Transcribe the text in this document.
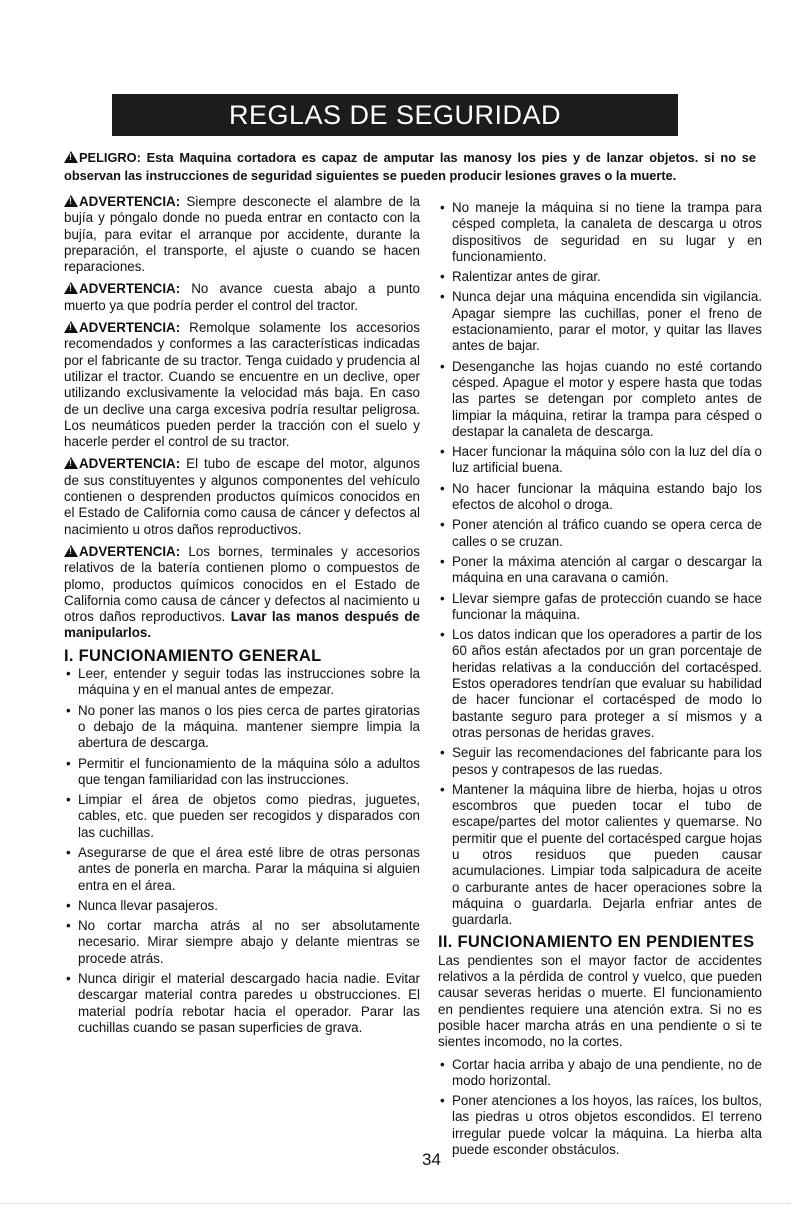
REGLAS DE SEGURIDAD
!PELIGRO: Esta Maquina cortadora es capaz de amputar las manosy los pies y de lanzar objetos. si no se observan las instrucciones de seguridad siguientes se pueden producir lesiones graves o la muerte.

!ADVERTENCIA: Siempre desconecte el alambre de la bujía y póngalo donde no pueda entrar en contacto con la bujía, para evitar el arranque por accidente, durante la preparación, el transporte, el ajuste o cuando se hacen reparaciones.

!ADVERTENCIA: No avance cuesta abajo a punto muerto ya que podría perder el control del tractor.

!ADVERTENCIA: Remolque solamente los accesorios recomendados y conformes a las características indicadas por el fabricante de su tractor. Tenga cuidado y prudencia al utilizar el tractor. Cuando se encuentre en un declive, oper utilizando exclusivamente la velocidad más baja. En caso de un declive una carga excesiva podría resultar peligrosa. Los neumáticos pueden perder la tracción con el suelo y hacerle perder el control de su tractor.

!ADVERTENCIA: El tubo de escape del motor, algunos de sus constituyentes y algunos componentes del vehículo contienen o desprenden productos químicos conocidos en el Estado de California como causa de cáncer y defectos al nacimiento u otros daños reproductivos.

!ADVERTENCIA: Los bornes, terminales y accesorios relativos de la batería contienen plomo o compuestos de plomo, productos químicos conocidos en el Estado de California como causa de cáncer y defectos al nacimiento u otros daños reproductivos. Lavar las manos después de manipularlos.

I. FUNCIONAMIENTO GENERAL
• Leer, entender y seguir todas las instrucciones sobre la máquina y en el manual antes de empezar.
• No poner las manos o los pies cerca de partes giratorias o debajo de la máquina. mantener siempre limpia la abertura de descarga.
• Permitir el funcionamiento de la máquina sólo a adultos que tengan familiaridad con las instrucciones.
• Limpiar el área de objetos como piedras, juguetes, cables, etc. que pueden ser recogidos y disparados con las cuchillas.
• Asegurarse de que el área esté libre de otras personas antes de ponerla en marcha. Parar la máquina si alguien entra en el área.
• Nunca llevar pasajeros.
• No cortar marcha atrás al no ser absolutamente necesario. Mirar siempre abajo y delante mientras se procede atrás.
• Nunca dirigir el material descargado hacia nadie. Evitar descargar material contra paredes u obstrucciones. El material podría rebotar hacia el operador. Parar las cuchillas cuando se pasan superficies de grava.
• No maneje la máquina si no tiene la trampa para césped completa, la canaleta de descarga u otros dispositivos de seguridad en su lugar y en funcionamiento.
• Ralentizar antes de girar.
• Nunca dejar una máquina encendida sin vigilancia. Apagar siempre las cuchillas, poner el freno de estacionamiento, parar el motor, y quitar las llaves antes de bajar.
• Desenganche las hojas cuando no esté cortando césped. Apague el motor y espere hasta que todas las partes se detengan por completo antes de limpiar la máquina, retirar la trampa para césped o destapar la canaleta de descarga.
• Hacer funcionar la máquina sólo con la luz del día o luz artificial buena.
• No hacer funcionar la máquina estando bajo los efectos de alcohol o droga.
• Poner atención al tráfico cuando se opera cerca de calles o se cruzan.
• Poner la máxima atención al cargar o descargar la máquina en una caravana o camión.
• Llevar siempre gafas de protección cuando se hace funcionar la máquina.
• Los datos indican que los operadores a partir de los 60 años están afectados por un gran porcentaje de heridas relativas a la conducción del cortacésped. Estos operadores tendrían que evaluar su habilidad de hacer funcionar el cortacésped de modo lo bastante seguro para proteger a sí mismos y a otras personas de heridas graves.
• Seguir las recomendaciones del fabricante para los pesos y contrapesos de las ruedas.
• Mantener la máquina libre de hierba, hojas u otros escombros que pueden tocar el tubo de escape/partes del motor calientes y quemarse. No permitir que el puente del cortacésped cargue hojas u otros residuos que pueden causar acumulaciones. Limpiar toda salpicadura de aceite o carburante antes de hacer operaciones sobre la máquina o guardarla. Dejarla enfriar antes de guardarla.
II. FUNCIONAMIENTO EN PENDIENTES

Las pendientes son el mayor factor de accidentes relativos a la pérdida de control y vuelco, que pueden causar severas heridas o muerte. El funcionamiento en pendientes requiere una atención extra. Si no es posible hacer marcha atrás en una pendiente o si te sientes incomodo, no la cortes.

• Cortar hacia arriba y abajo de una pendiente, no de modo horizontal.
• Poner atenciones a los hoyos, las raíces, los bultos, las piedras u otros objetos escondidos. El terreno irregular puede volcar la máquina. La hierba alta puede esconder obstáculos.
34
